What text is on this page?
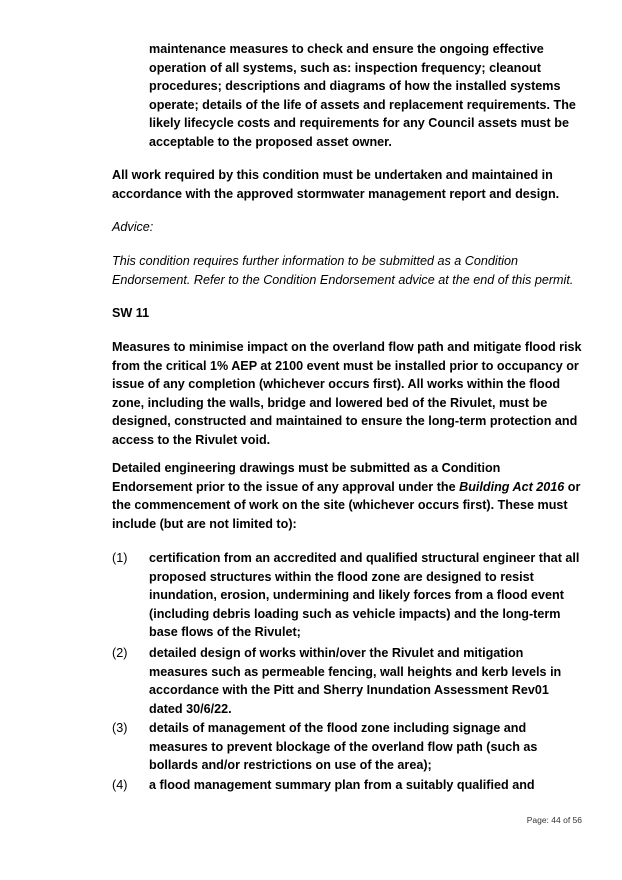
maintenance measures to check and ensure the ongoing effective operation of all systems, such as: inspection frequency; cleanout procedures; descriptions and diagrams of how the installed systems operate; details of the life of assets and replacement requirements. The likely lifecycle costs and requirements for any Council assets must be acceptable to the proposed asset owner.

All work required by this condition must be undertaken and maintained in accordance with the approved stormwater management report and design.

Advice:

This condition requires further information to be submitted as a Condition Endorsement. Refer to the Condition Endorsement advice at the end of this permit.

SW 11

Measures to minimise impact on the overland flow path and mitigate flood risk from the critical 1% AEP at 2100 event must be installed prior to occupancy or issue of any completion (whichever occurs first). All works within the flood zone, including the walls, bridge and lowered bed of the Rivulet, must be designed, constructed and maintained to ensure the long-term protection and access to the Rivulet void.

Detailed engineering drawings must be submitted as a Condition Endorsement prior to the issue of any approval under the Building Act 2016 or the commencement of work on the site (whichever occurs first). These must include (but are not limited to):

(1) certification from an accredited and qualified structural engineer that all proposed structures within the flood zone are designed to resist inundation, erosion, undermining and likely forces from a flood event (including debris loading such as vehicle impacts) and the long-term base flows of the Rivulet;

(2) detailed design of works within/over the Rivulet and mitigation measures such as permeable fencing, wall heights and kerb levels in accordance with the Pitt and Sherry Inundation Assessment Rev01 dated 30/6/22.

(3) details of management of the flood zone including signage and measures to prevent blockage of the overland flow path (such as bollards and/or restrictions on use of the area);

(4) a flood management summary plan from a suitably qualified and

Page: 44 of 56
